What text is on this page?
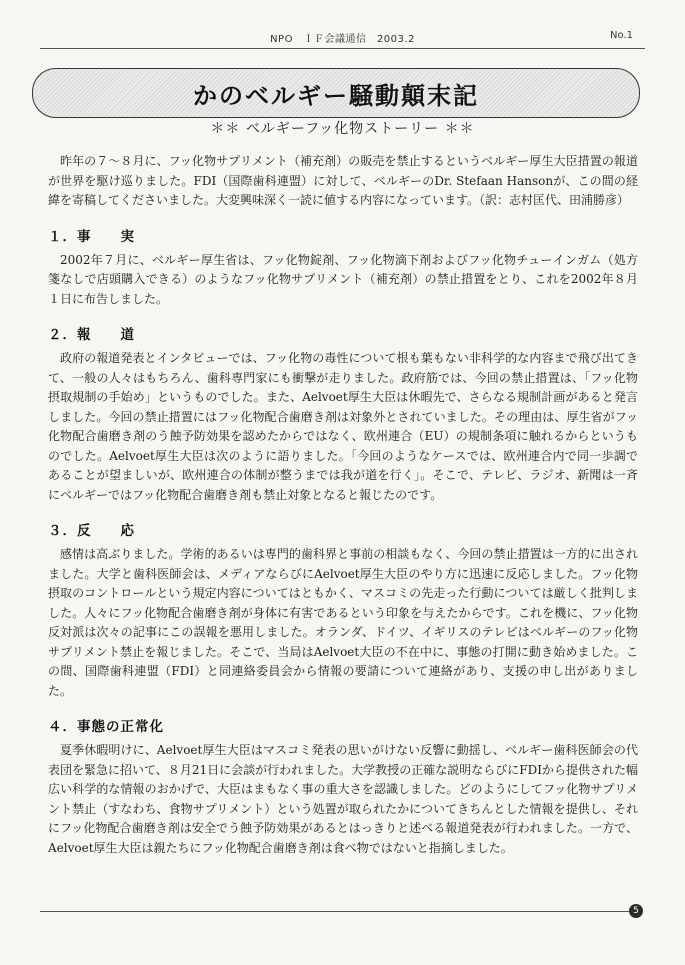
NPO　ＩＦ会議通信　2003.2	No.1
かのベルギー騒動顛末記
＊＊ ベルギーフッ化物ストーリー ＊＊

昨年の７～８月に、フッ化物サプリメント（補充剤）の販売を禁止するというベルギー厚生大臣措置の報道が世界を駆け巡りました。FDI（国際歯科連盟）に対して、ベルギーのDr. Stefaan Hansonが、この間の経緯を寄稿してくださいました。大変興味深く一読に値する内容になっています。（訳：志村匡代、田浦勝彦）

１．事　　実

2002年７月に、ベルギー厚生省は、フッ化物錠剤、フッ化物滴下剤およびフッ化物チューインガム（処方箋なしで店頭購入できる）のようなフッ化物サプリメント（補充剤）の禁止措置をとり、これを2002年８月１日に布告しました。

２．報　　道

政府の報道発表とインタビューでは、フッ化物の毒性について根も葉もない非科学的な内容まで飛び出てきて、一般の人々はもちろん、歯科専門家にも衝撃が走りました。政府筋では、今回の禁止措置は、「フッ化物摂取規制の手始め」というものでした。また、Aelvoet厚生大臣は休暇先で、さらなる規制計画があると発言しました。今回の禁止措置にはフッ化物配合歯磨き剤は対象外とされていました。その理由は、厚生省がフッ化物配合歯磨き剤のう蝕予防効果を認めたからではなく、欧州連合（EU）の規制条項に触れるからというものでした。Aelvoet厚生大臣は次のように語りました。「今回のようなケースでは、欧州連合内で同一歩調であることが望ましいが、欧州連合の体制が整うまでは我が道を行く」。そこで、テレビ、ラジオ、新聞は一斉にベルギーではフッ化物配合歯磨き剤も禁止対象となると報じたのです。

３．反　　応

感情は高ぶりました。学術的あるいは専門的歯科界と事前の相談もなく、今回の禁止措置は一方的に出されました。大学と歯科医師会は、メディアならびにAelvoet厚生大臣のやり方に迅速に反応しました。フッ化物摂取のコントロールという規定内容についてはともかく、マスコミの先走った行動については厳しく批判しました。人々にフッ化物配合歯磨き剤が身体に有害であるという印象を与えたからです。これを機に、フッ化物反対派は次々の記事にこの誤報を悪用しました。オランダ、ドイツ、イギリスのテレビはベルギーのフッ化物サプリメント禁止を報じました。そこで、当局はAelvoet大臣の不在中に、事態の打開に動き始めました。この間、国際歯科連盟（FDI）と同連絡委員会から情報の要請について連絡があり、支援の申し出がありました。

４．事態の正常化

夏季休暇明けに、Aelvoet厚生大臣はマスコミ発表の思いがけない反響に動揺し、ベルギー歯科医師会の代表団を緊急に招いて、８月21日に会談が行われました。大学教授の正確な説明ならびにFDIから提供された幅広い科学的な情報のおかげで、大臣はまもなく事の重大さを認識しました。どのようにしてフッ化物サプリメント禁止（すなわち、食物サプリメント）という処置が取られたかについてきちんとした情報を提供し、それにフッ化物配合歯磨き剤は安全でう蝕予防効果があるとはっきりと述べる報道発表が行われました。一方で、Aelvoet厚生大臣は親たちにフッ化物配合歯磨き剤は食べ物ではないと指摘しました。

5
